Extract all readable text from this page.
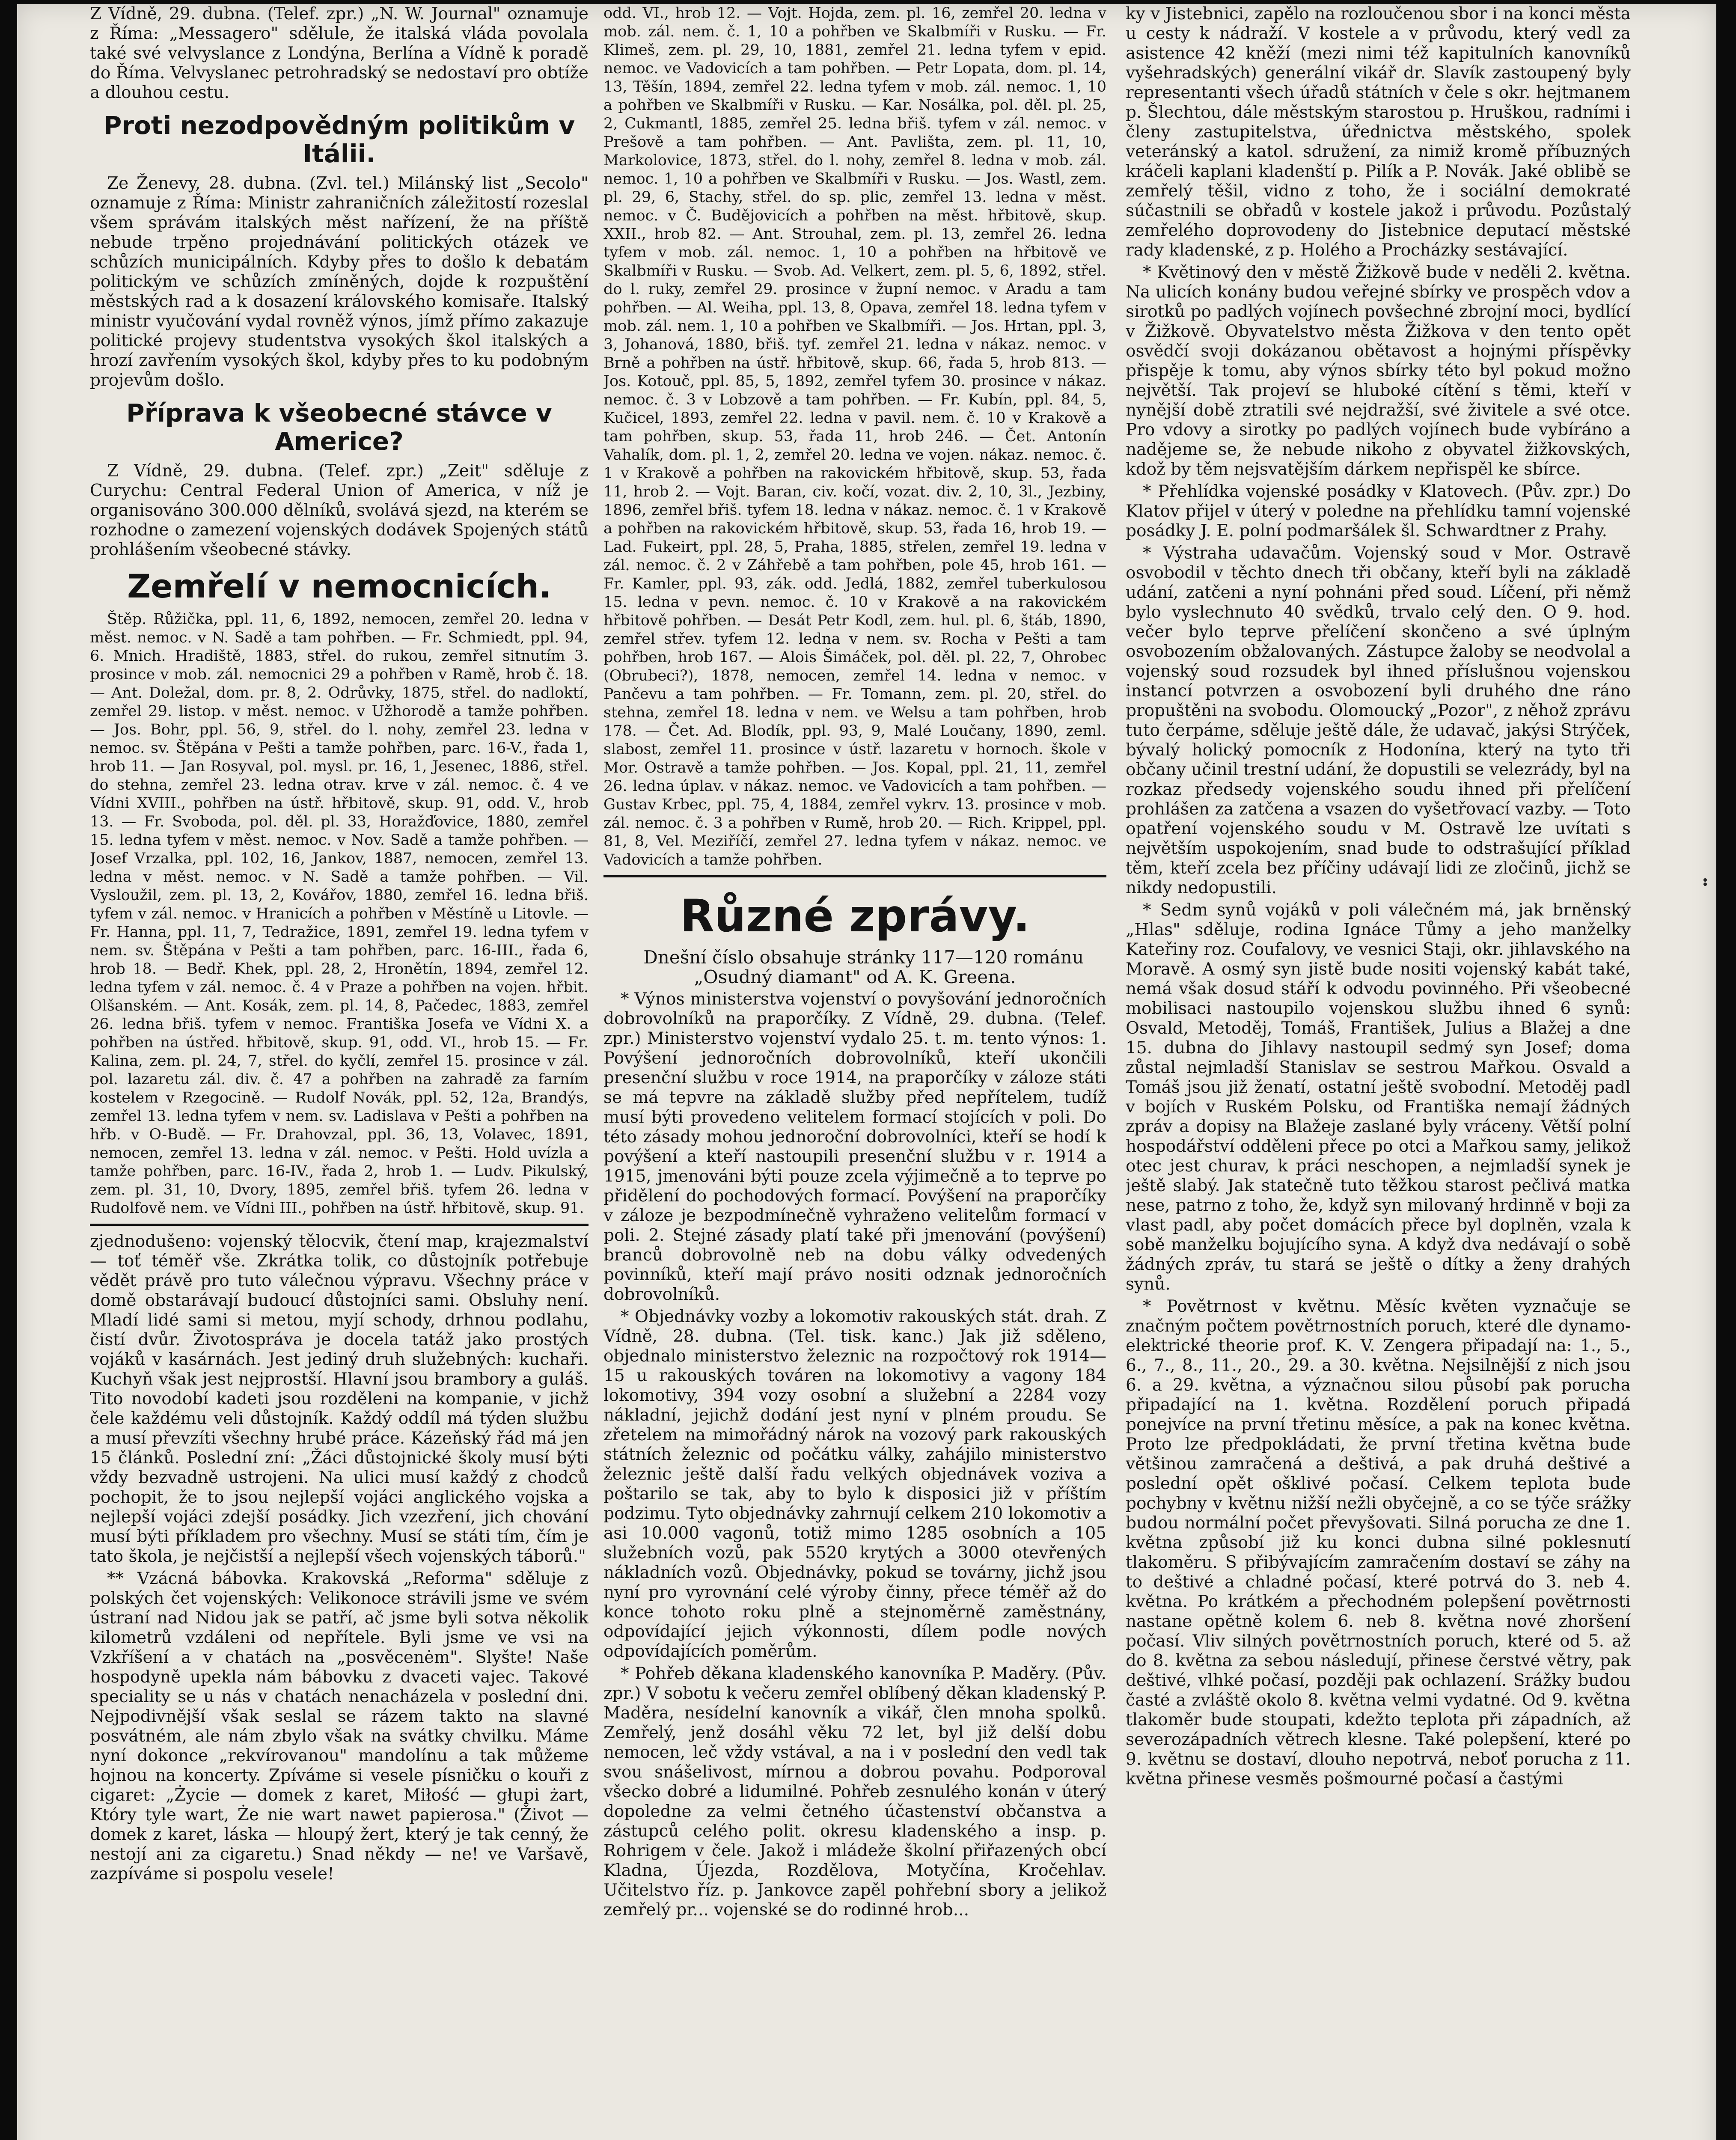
Z Vídně, 29. dubna. (Telef. zpr.) „N. W. Journal" oznamuje z Říma: „Messagero" sdělule, že italská vláda povolala také své velvyslance z Londýna, Berlína a Vídně k poradě do Říma. Velvyslanec petrohradský se nedostaví pro obtíže a dlouhou cestu.

Proti nezodpovědným politikům v Itálii.

Ze Ženevy, 28. dubna. (Zvl. tel.) Milánský list „Secolo" oznamuje z Říma: Ministr zahraničních záležitostí rozeslal všem správám italských měst nařízení, že na příště nebude trpěno projednávání politických otázek ve schůzích municipálních. Kdyby přes to došlo k debatám politickým ve schůzích zmíněných, dojde k rozpuštění městských rad a k dosazení královského komisaře. Italský ministr vyučování vydal rovněž výnos, jímž přímo zakazuje politické projevy studentstva vysokých škol italských a hrozí zavřením vysokých škol, kdyby přes to ku podobným projevům došlo.

Příprava k všeobecné stávce v Americe?

Z Vídně, 29. dubna. (Telef. zpr.) „Zeit" sděluje z Curychu: Central Federal Union of America, v níž je organisováno 300.000 dělníků, svolává sjezd, na kterém se rozhodne o zamezení vojenských dodávek Spojených států prohlášením všeobecné stávky.

Zemřelí v nemocnicích.

Štěp. Růžička, ppl. 11, 6, 1892, nemocen, zemřel 20. ledna v měst. nemoc. v N. Sadě a tam pohřben. — Fr. Schmiedt, ppl. 94, 6. Mnich. Hradiště, 1883, střel. do rukou, zemřel sitnutím 3. prosince v mob. zál. nemocnici 29 a pohřben v Ramě, hrob č. 18. — Ant. Doležal, dom. pr. 8, 2. Odrůvky, 1875, střel. do nadloktí, zemřel 29. listop. v měst. nemoc. v Užhorodě a tamže pohřben. — Jos. Bohr, ppl. 56, 9, střel. do l. nohy, zemřel 23. ledna v nemoc. sv. Štěpána v Pešti a tamže pohřben, parc. 16-V., řada 1, hrob 11. — Jan Rosyval, pol. mysl. pr. 16, 1, Jesenec, 1886, střel. do stehna, zemřel 23. ledna otrav. krve v zál. nemoc. č. 4 ve Vídni XVIII., pohřben na ústř. hřbitově, skup. 91, odd. V., hrob 13. — Fr. Svoboda, pol. děl. pl. 33, Horažďovice, 1880, zemřel 15. ledna tyfem v měst. nemoc. v Nov. Sadě a tamže pohřben. — Josef Vrzalka, ppl. 102, 16, Jankov, 1887, nemocen, zemřel 13. ledna v měst. nemoc. v N. Sadě a tamže pohřben. — Vil. Vysloužil, zem. pl. 13, 2, Kovářov, 1880, zemřel 16. ledna břiš. tyfem v zál. nemoc. v Hranicích a pohřben v Městíně u Litovle. — Fr. Hanna, ppl. 11, 7, Tedražice, 1891, zemřel 19. ledna tyfem v nem. sv. Štěpána v Pešti a tam pohřben, parc. 16-III., řada 6, hrob 18. — Bedř. Khek, ppl. 28, 2, Hronětín, 1894, zemřel 12. ledna tyfem v zál. nemoc. č. 4 v Praze a pohřben na vojen. hřbit. Olšanském. — Ant. Kosák, zem. pl. 14, 8, Pačedec, 1883, zemřel 26. ledna břiš. tyfem v nemoc. Františka Josefa ve Vídni X. a pohřben na ústřed. hřbitově, skup. 91, odd. VI., hrob 15. — Fr. Kalina, zem. pl. 24, 7, střel. do kyčlí, zemřel 15. prosince v zál. pol. lazaretu zál. div. č. 47 a pohřben na zahradě za farním kostelem v Rzegocině. — Rudolf Novák, ppl. 52, 12a, Brandýs, zemřel 13. ledna tyfem v nem. sv. Ladislava v Pešti a pohřben na hřb. v O-Budě. — Fr. Drahovzal, ppl. 36, 13, Volavec, 1891, nemocen, zemřel 13. ledna v zál. nemoc. v Pešti. Hold uvízla a tamže pohřben, parc. 16-IV., řada 2, hrob 1. — Ludv. Pikulský, zem. pl. 31, 10, Dvory, 1895, zemřel břiš. tyfem 26. ledna v Rudolfově nem. ve Vídni III., pohřben na ústř. hřbitově, skup. 91.

zjednodušeno: vojenský tělocvik, čtení map, krajezmalství — toť téměř vše. Zkrátka tolik, co důstojník potřebuje vědět právě pro tuto válečnou výpravu. Všechny práce v domě obstarávají budoucí důstojníci sami. Obsluhy není. Mladí lidé sami si metou, myjí schody, drhnou podlahu, čistí dvůr. Životospráva je docela tatáž jako prostých vojáků v kasárnách. Jest jediný druh služebných: kuchaři. Kuchyň však jest nejprostší. Hlavní jsou brambory a guláš. Tito novodobí kadeti jsou rozděleni na kompanie, v jichž čele každému veli důstojník. Každý oddíl má týden službu a musí převzíti všechny hrubé práce. Kázeňský řád má jen 15 článků. Poslední zní: „Žáci důstojnické školy musí býti vždy bezvadně ustrojeni. Na ulici musí každý z chodců pochopit, že to jsou nejlepší vojáci anglického vojska a nejlepší vojáci zdejší posádky. Jich vzezření, jich chování musí býti příkladem pro všechny. Musí se státi tím, čím je tato škola, je nejčistší a nejlepší všech vojenských táborů."

** Vzácná bábovka. Krakovská „Reforma" sděluje z polských čet vojenských: Velikonoce strávili jsme ve svém ústraní nad Nidou jak se patří, ač jsme byli sotva několik kilometrů vzdáleni od nepřítele. Byli jsme ve vsi na Vzkříšení a v chatách na „posvěcenėm". Slyšte! Naše hospodyně upekla nám bábovku z dvaceti vajec. Takové speciality se u nás v chatách nenacházela v poslední dni. Nejpodivnější však seslal se rázem takto na slavné posvátném, ale nám zbylo však na svátky chvilku. Máme nyní dokonce „rekvírovanou" mandolínu a tak můžeme hojnou na koncerty. Zpíváme si vesele písničku o kouři z cigaret: „Życie — domek z karet, Miłość — głupi żart, Który tyle wart, Że nie wart nawet papierosa." (Život — domek z karet, láska — hloupý žert, který je tak cenný, že nestojí ani za cigaretu.) Snad někdy — ne! ve Varšavě, zazpíváme si pospolu vesele!

odd. VI., hrob 12. — Vojt. Hojda, zem. pl. 16, zemřel 20. ledna v mob. zál. nem. č. 1, 10 a pohřben ve Skalbmíři v Rusku. — Fr. Klimeš, zem. pl. 29, 10, 1881, zemřel 21. ledna tyfem v epid. nemoc. ve Vadovicích a tam pohřben. — Petr Lopata, dom. pl. 14, 13, Těšín, 1894, zemřel 22. ledna tyfem v mob. zál. nemoc. 1, 10 a pohřben ve Skalbmíři v Rusku. — Kar. Nosálka, pol. děl. pl. 25, 2, Cukmantl, 1885, zemřel 25. ledna břiš. tyfem v zál. nemoc. v Prešově a tam pohřben. — Ant. Pavlišta, zem. pl. 11, 10, Markolovice, 1873, střel. do l. nohy, zemřel 8. ledna v mob. zál. nemoc. 1, 10 a pohřben ve Skalbmíři v Rusku. — Jos. Wastl, zem. pl. 29, 6, Stachy, střel. do sp. plic, zemřel 13. ledna v měst. nemoc. v Č. Budějovicích a pohřben na měst. hřbitově, skup. XXII., hrob 82. — Ant. Strouhal, zem. pl. 13, zemřel 26. ledna tyfem v mob. zál. nemoc. 1, 10 a pohřben na hřbitově ve Skalbmíři v Rusku. — Svob. Ad. Velkert, zem. pl. 5, 6, 1892, střel. do l. ruky, zemřel 29. prosince v župní nemoc. v Aradu a tam pohřben. — Al. Weiha, ppl. 13, 8, Opava, zemřel 18. ledna tyfem v mob. zál. nem. 1, 10 a pohřben ve Skalbmíři. — Jos. Hrtan, ppl. 3, 3, Johanová, 1880, břiš. tyf. zemřel 21. ledna v nákaz. nemoc. v Brně a pohřben na ústř. hřbitově, skup. 66, řada 5, hrob 813. — Jos. Kotouč, ppl. 85, 5, 1892, zemřel tyfem 30. prosince v nákaz. nemoc. č. 3 v Lobzově a tam pohřben. — Fr. Kubín, ppl. 84, 5, Kučicel, 1893, zemřel 22. ledna v pavil. nem. č. 10 v Krakově a tam pohřben, skup. 53, řada 11, hrob 246. — Čet. Antonín Vahalík, dom. pl. 1, 2, zemřel 20. ledna ve vojen. nákaz. nemoc. č. 1 v Krakově a pohřben na rakovickém hřbitově, skup. 53, řada 11, hrob 2. — Vojt. Baran, civ. kočí, vozat. div. 2, 10, 3l., Jezbiny, 1896, zemřel břiš. tyfem 18. ledna v nákaz. nemoc. č. 1 v Krakově a pohřben na rakovickém hřbitově, skup. 53, řada 16, hrob 19. — Lad. Fukeirt, ppl. 28, 5, Praha, 1885, střelen, zemřel 19. ledna v zál. nemoc. č. 2 v Záhřebě a tam pohřben, pole 45, hrob 161. — Fr. Kamler, ppl. 93, zák. odd. Jedlá, 1882, zemřel tuberkulosou 15. ledna v pevn. nemoc. č. 10 v Krakově a na rakovickém hřbitově pohřben. — Desát Petr Kodl, zem. hul. pl. 6, štáb, 1890, zemřel střev. tyfem 12. ledna v nem. sv. Rocha v Pešti a tam pohřben, hrob 167. — Alois Šimáček, pol. děl. pl. 22, 7, Ohrobec (Obrubeci?), 1878, nemocen, zemřel 14. ledna v nemoc. v Pančevu a tam pohřben. — Fr. Tomann, zem. pl. 20, střel. do stehna, zemřel 18. ledna v nem. ve Welsu a tam pohřben, hrob 178. — Čet. Ad. Blodík, ppl. 93, 9, Malé Loučany, 1890, zeml. slabost, zemřel 11. prosince v ústř. lazaretu v hornoch. škole v Mor. Ostravě a tamže pohřben. — Jos. Kopal, ppl. 21, 11, zemřel 26. ledna úplav. v nákaz. nemoc. ve Vadovicích a tam pohřben. — Gustav Krbec, ppl. 75, 4, 1884, zemřel vykrv. 13. prosince v mob. zál. nemoc. č. 3 a pohřben v Rumě, hrob 20. — Rich. Krippel, ppl. 81, 8, Vel. Meziříčí, zemřel 27. ledna tyfem v nákaz. nemoc. ve Vadovicích a tamže pohřben.

Různé zprávy.

Dnešní číslo obsahuje stránky 117—120 románu „Osudný diamant" od A. K. Greena.

* Výnos ministerstva vojenství o povyšování jednoročních dobrovolníků na praporčíky. Z Vídně, 29. dubna. (Telef. zpr.) Ministerstvo vojenství vydalo 25. t. m. tento výnos: 1. Povýšení jednoročních dobrovolníků, kteří ukončili presenční službu v roce 1914, na praporčíky v záloze státi se má tepvre na základě služby před nepřítelem, tudíž musí býti provedeno velitelem formací stojících v poli. Do této zásady mohou jednoroční dobrovolníci, kteří se hodí k povýšení a kteří nastoupili presenční službu v r. 1914 a 1915, jmenováni býti pouze zcela výjimečně a to teprve po přidělení do pochodových formací. Povýšení na praporčíky v záloze je bezpodmínečně vyhraženo velitelům formací v poli. 2. Stejné zásady platí také při jmenování (povýšení) branců dobrovolně neb na dobu války odvedených povinníků, kteří mají právo nositi odznak jednoročních dobrovolníků.

* Objednávky vozby a lokomotiv rakouských stát. drah. Z Vídně, 28. dubna. (Tel. tisk. kanc.) Jak již sděleno, objednalo ministerstvo železnic na rozpočtový rok 1914—15 u rakouských továren na lokomotivy a vagony 184 lokomotivy, 394 vozy osobní a služební a 2284 vozy nákladní, jejichž dodání jest nyní v plném proudu. Se zřetelem na mimořádný nárok na vozový park rakouských státních železnic od počátku války, zahájilo ministerstvo železnic ještě další řadu velkých objednávek vozivа a poštarilo se tak, aby to bylo k disposici již v příštím podzimu. Tyto objednávky zahrnují celkem 210 lokomotiv a asi 10.000 vagonů, totiž mimo 1285 osobních a 105 služebních vozů, pak 5520 krytých a 3000 otevřených nákladních vozů. Objednávky, pokud se továrny, jichž jsou nyní pro vyrovnání celé výroby činny, přece téměř až do konce tohoto roku plně a stejnoměrně zaměstnány, odpovídající jejich výkonnosti, dílem podle nových odpovídajících poměrům.

* Pohřeb děkana kladenského kanovníka P. Maděry. (Pův. zpr.) V sobotu k večeru zemřel oblíbený děkan kladenský P. Maděra, nesídelní kanovník a vikář, člen mnoha spolků. Zemřelý, jenž dosáhl věku 72 let, byl již delší dobu nemocen, leč vždy vstával, a na i v poslední den vedl tak svou snášelivost, mírnou a dobrou povahu. Podporoval všecko dobré a lidumilné. Pohřeb zesnulého konán v úterý dopoledne za velmi četného účastenství občanstva a zástupců celého polit. okresu kladenského a insp. p. Rohrigem v čele. Jakož i mládeže školní přiřazených obcí Kladna, Újezda, Rozdělova, Motyčína, Kročehlav. Učitelstvo říz. p. Jankovce zapěl pohřební sbory a jelikož zemřelý pr... vojenské se do rodinné hrob...

ky v Jistebnici, zapělo na rozloučenou sbor i na konci města u cesty k nádraží. V kostele a v průvodu, který vedl za asistence 42 kněží (mezi nimi též kapitulních kanovníků vyšehradských) generální vikář dr. Slavík zastoupený byly representanti všech úřadů státních v čele s okr. hejtmanem p. Šlechtou, dále městským starostou p. Hruškou, radními i členy zastupitelstva, úřednictva městského, spolek veteránský a katol. sdružení, za nimiž kromě příbuzných kráčeli kaplani kladenští p. Pilík a P. Novák. Jaké oblibě se zemřelý těšil, vidno z toho, že i sociální demokraté súčastnili se obřadů v kostele jakož i průvodu. Pozůstalý zemřelého doprovodeny do Jistebnice deputací městské rady kladenské, z p. Holého a Procházky sestávající.

* Květinový den v městě Žižkově bude v neděli 2. května. Na ulicích konány budou veřejné sbírky ve prospěch vdov a sirotků po padlých vojínech povšechné zbrojní moci, bydlící v Žižkově. Obyvatelstvo města Žižkova v den tento opět osvědčí svoji dokázanou obětavost a hojnými příspěvky přispěje k tomu, aby výnos sbírky této byl pokud možno největší. Tak projeví se hluboké cítění s těmi, kteří v nynější době ztratili své nejdražší, své živitele a své otce. Pro vdovy a sirotky po padlých vojínech bude vybíráno a nadějeme se, že nebude nikoho z obyvatel žižkovských, kdož by těm nejsvatějším dárkem nepřispěl ke sbírce.

* Přehlídka vojenské posádky v Klatovech. (Pův. zpr.) Do Klatov přijel v úterý v poledne na přehlídku tamní vojenské posádky J. E. polní podmaršálek šl. Schwardtner z Prahy.

* Výstraha udavačům. Vojenský soud v Mor. Ostravě osvobodil v těchto dnech tři občany, kteří byli na základě udání, zatčeni a nyní pohnáni před soud. Líčení, při němž bylo vyslechnuto 40 svědků, trvalo celý den. O 9. hod. večer bylo teprve přelíčení skončeno a své úplným osvobozením obžalovaných. Zástupce žaloby se neodvolal a vojenský soud rozsudek byl ihned příslušnou vojenskou instancí potvrzen a osvobození byli druhého dne ráno propuštěni na svobodu. Olomoucký „Pozor", z něhož zprávu tuto čerpáme, sděluje ještě dále, že udavač, jakýsi Strýček, bývalý holický pomocník z Hodonína, který na tyto tři občany učinil trestní udání, že dopustili se velezrády, byl na rozkaz předsedy vojenského soudu ihned při přelíčení prohlášen za zatčena a vsazen do vyšetřovací vazby. — Toto opatření vojenského soudu v M. Ostravě lze uvítati s největším uspokojením, snad bude to odstrašující příklad těm, kteří zcela bez příčiny udávají lidi ze zločinů, jichž se nikdy nedopustili.

* Sedm synů vojáků v poli válečném má, jak brněnský „Hlas" sděluje, rodina Ignáce Tůmy a jeho manželky Kateřiny roz. Coufalovy, ve vesnici Staji, okr. jihlavského na Moravě. A osmý syn jistě bude nositi vojenský kabát také, nemá však dosud stáří k odvodu povinného. Při všeobecné mobilisaci nastoupilo vojenskou službu ihned 6 synů: Osvald, Metoděj, Tomáš, František, Julius a Blažej a dne 15. dubna do Jihlavy nastoupil sedmý syn Josef; doma zůstal nejmladší Stanislav se sestrou Mařkou. Osvald a Tomáš jsou již ženatí, ostatní ještě svobodní. Metoděj padl v bojích v Ruském Polsku, od Františka nemají žádných zpráv a dopisy na Blažeje zaslané byly vráceny. Větší polní hospodářství odděleni přece po otci a Mařkou samy, jelikož otec jest churav, k práci neschopen, a nejmladší synek je ještě slabý. Jak statečně tuto těžkou starost pečlivá matka nese, patrno z toho, že, když syn milovaný hrdinně v boji za vlast padl, aby počet domácích přece byl doplněn, vzala k sobě manželku bojujícího syna. A když dva nedávají o sobě žádných zpráv, tu stará se ještě o dítky a ženy drahých synů.

* Povětrnost v květnu. Měsíc květen vyznačuje se značným počtem povětrnostních poruch, které dle dynamo-elektrické theorie prof. K. V. Zengera připadají na: 1., 5., 6., 7., 8., 11., 20., 29. a 30. května. Nejsilnější z nich jsou 6. a 29. května, a význačnou silou působí pak porucha připadající na 1. května. Rozdělení poruch připadá ponejvíce na první třetinu měsíce, a pak na konec května. Proto lze předpokládati, že první třetina května bude většinou zamračená a deštivá, a pak druhá deštivé a poslední opět ošklivé počasí. Celkem teplota bude pochybny v květnu nižší nežli obyčejně, a co se týče srážky budou normální počet převyšovati. Silná porucha ze dne 1. května způsobí již ku konci dubna silné poklesnutí tlakoměru. S přibývajícím zamračením dostaví se záhy na to deštivé a chladné počasí, které potrvá do 3. neb 4. května. Po krátkém a přechodném polepšení povětrnosti nastane opětně kolem 6. neb 8. května nové zhoršení počasí. Vliv silných povětrnostních poruch, které od 5. až do 8. května za sebou následují, přinese čerstvé větry, pak deštivé, vlhké počasí, později pak ochlazení. Srážky budou časté a zvláště okolo 8. května velmi vydatné. Od 9. května tlakoměr bude stoupati, kdežto teplota při západních, až severozápadních větrech klesne. Také polepšení, které po 9. květnu se dostaví, dlouho nepotrvá, neboť porucha z 11. května přinese vesměs pošmourné počasí a častými
